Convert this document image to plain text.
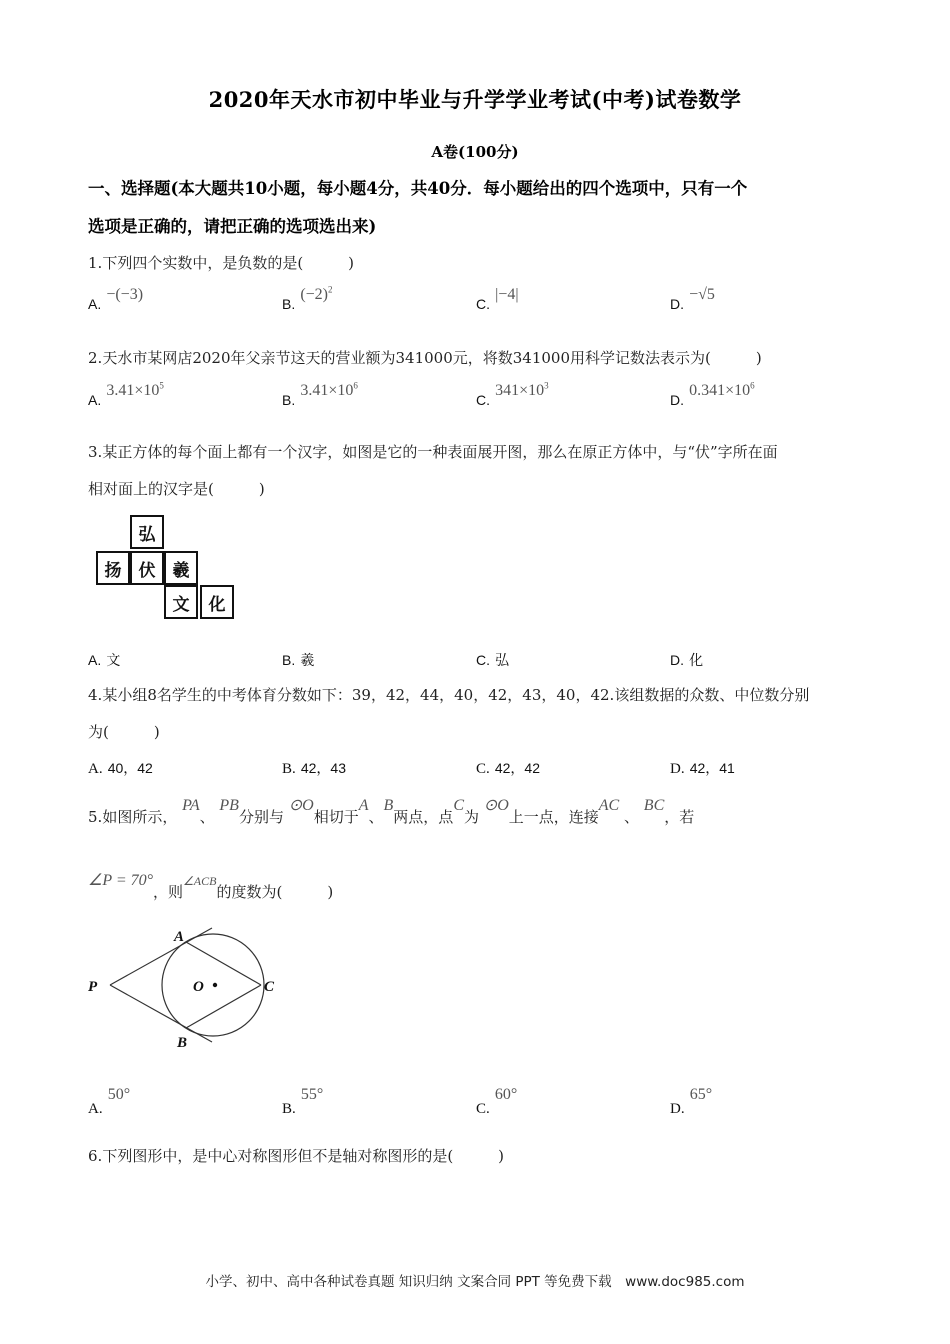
2020年天水市初中毕业与升学学业考试(中考)试卷数学
A卷(100分)
一、选择题(本大题共10小题，每小题4分，共40分．每小题给出的四个选项中，只有一个
选项是正确的，请把正确的选项选出来)
1.下列四个实数中，是负数的是(　　　)
A. −(−3)
B. $(-2)^2$
C. |−4|
D. −√5
2.天水市某网店2020年父亲节这天的营业额为341000元，将数341000用科学记数法表示为(　　　)
A. $3.41\times 10^5$
B. $3.41\times 10^6$
C. $341\times 10^3$
D. $0.341\times 10^6$
3.某正方体的每个面上都有一个汉字，如图是它的一种表面展开图，那么在原正方体中，与“伏”字所在面
相对面上的汉字是(　　　)
弘
扬	伏	羲
文	化
A. 文	B. 羲	C. 弘	D. 化
4.某小组8名学生的中考体育分数如下：39，42，44，40，42，43，40，42.该组数据的众数、中位数分别
为(　　　)
A. 40，42	B. 42，43	C. 42，42	D. 42，41
5.如图所示， PA、 PB分别与 ⊙O相切于A、B两点，点C为 ⊙O上一点，连接AC 、 BC，若
∠P = 70°，则$^{\angle ACB}$的度数为(　　　)
P
A
B
O	C
A. 50°
B. 55°
C. 60°
D. 65°
6.下列图形中，是中心对称图形但不是轴对称图形的是(　　　)
小学、初中、高中各种试卷真题 知识归纳 文案合同 PPT 等免费下载　www.doc985.com
